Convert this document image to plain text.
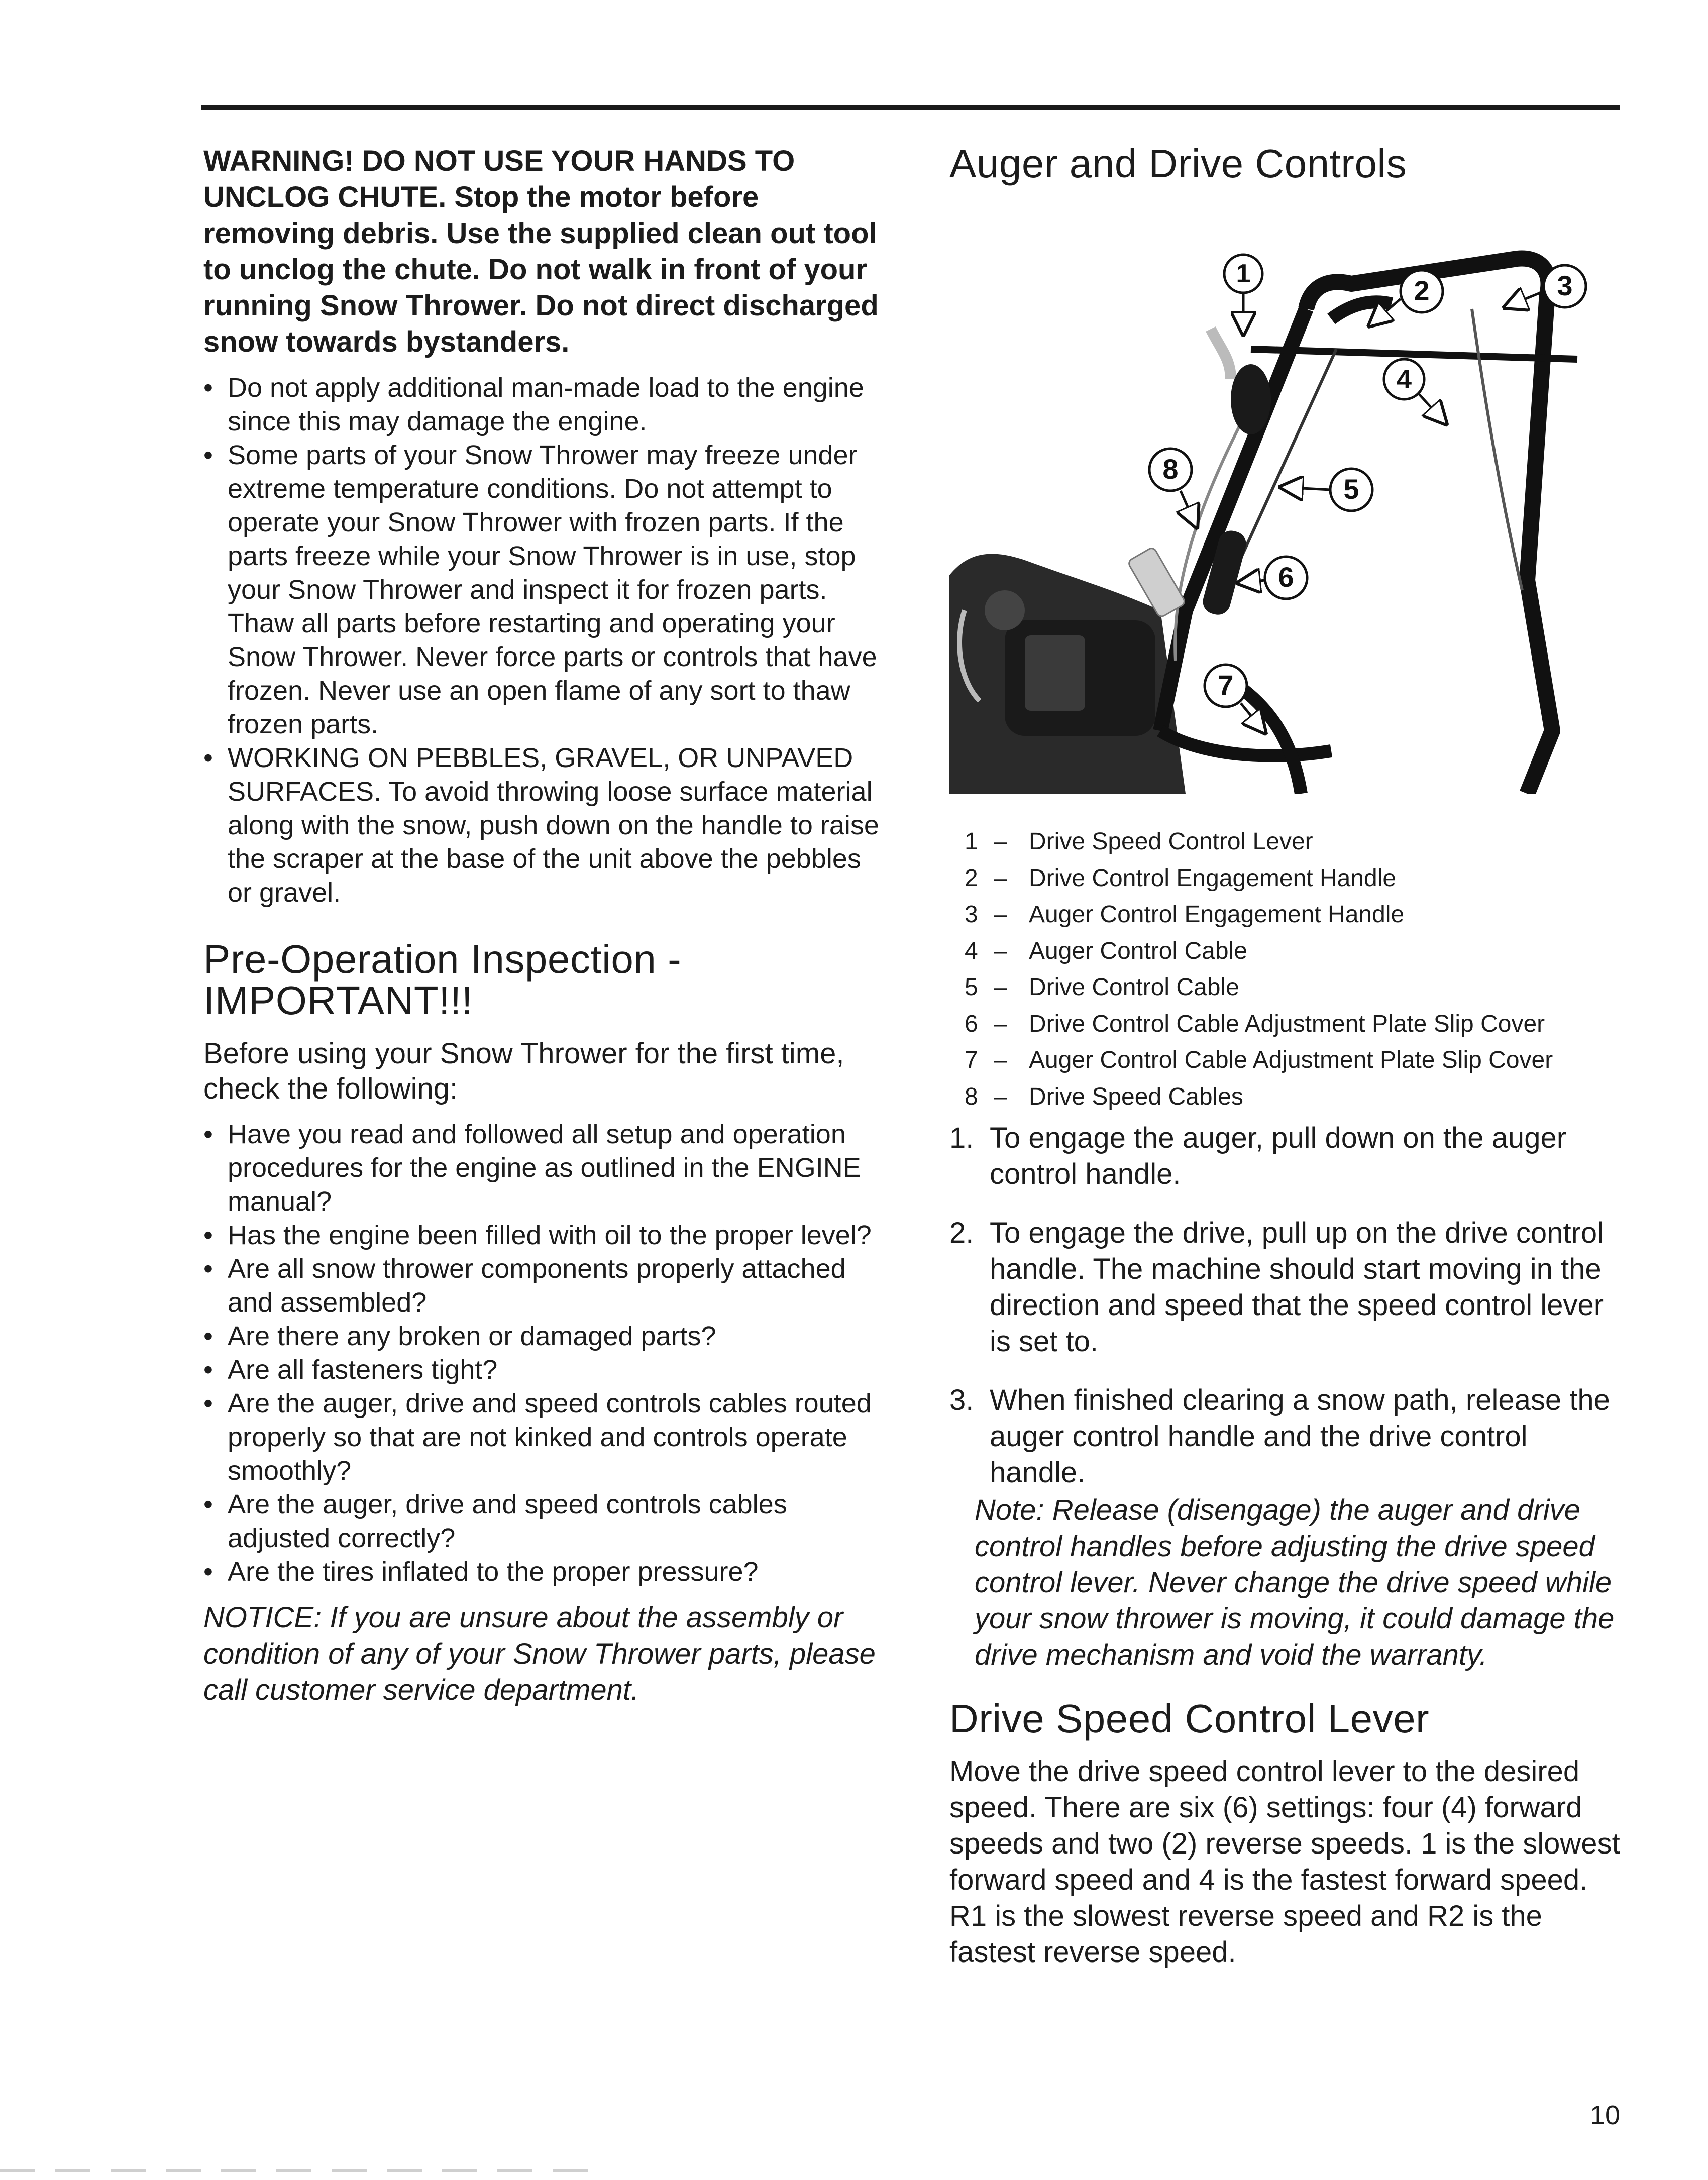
WARNING! DO NOT USE YOUR HANDS TO UNCLOG CHUTE. Stop the motor before removing debris. Use the supplied clean out tool to unclog the chute. Do not walk in front of your running Snow Thrower. Do not direct discharged snow towards bystanders.

• Do not apply additional man-made load to the engine since this may damage the engine.
• Some parts of your Snow Thrower may freeze under extreme temperature conditions. Do not attempt to operate your Snow Thrower with frozen parts. If the parts freeze while your Snow Thrower is in use, stop your Snow Thrower and inspect it for frozen parts. Thaw all parts before restarting and operating your Snow Thrower. Never force parts or controls that have frozen. Never use an open flame of any sort to thaw frozen parts.
• WORKING ON PEBBLES, GRAVEL, OR UNPAVED SURFACES. To avoid throwing loose surface material along with the snow, push down on the handle to raise the scraper at the base of the unit above the pebbles or gravel.
Pre-Operation Inspection -
IMPORTANT!!!

Before using your Snow Thrower for the first time, check the following:

• Have you read and followed all setup and operation procedures for the engine as outlined in the ENGINE manual?
• Has the engine been filled with oil to the proper level?
• Are all snow thrower components properly attached and assembled?
• Are there any broken or damaged parts?
• Are all fasteners tight?
• Are the auger, drive and speed controls cables routed properly so that are not kinked and controls operate smoothly?
• Are the auger, drive and speed controls cables adjusted correctly?
• Are the tires inflated to the proper pressure?

NOTICE: If you are unsure about the assembly or condition of any of your Snow Thrower parts, please call customer service department.

Auger and Drive Controls
1
2	3
4
5
6
7
8
1	–	Drive Speed Control Lever
2	–	Drive Control Engagement Handle
3	–	Auger Control Engagement Handle
4	–	Auger Control Cable
5	–	Drive Control Cable
6	–	Drive Control Cable Adjustment Plate Slip Cover
7	–	Auger Control Cable Adjustment Plate Slip Cover
8	–	Drive Speed Cables
1. To engage the auger, pull down on the auger control handle.
2. To engage the drive, pull up on the drive control handle. The machine should start moving in the direction and speed that the speed control lever is set to.
3. When finished clearing a snow path, release the auger control handle and the drive control handle.

Note: Release (disengage) the auger and drive control handles before adjusting the drive speed control lever. Never change the drive speed while your snow thrower is moving, it could damage the drive mechanism and void the warranty.

Drive Speed Control Lever

Move the drive speed control lever to the desired speed. There are six (6) settings: four (4) forward speeds and two (2) reverse speeds. 1 is the slowest forward speed and 4 is the fastest forward speed. R1 is the slowest reverse speed and R2 is the fastest reverse speed.

10
